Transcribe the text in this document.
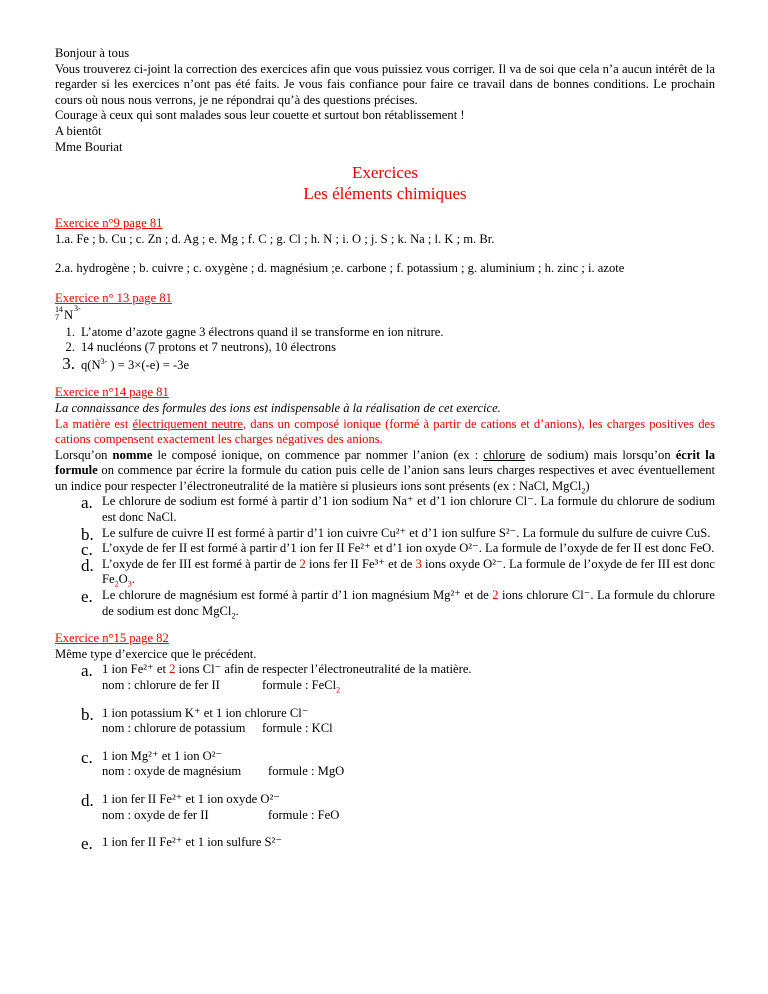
Bonjour à tous
Vous trouverez ci-joint la correction des exercices afin que vous puissiez vous corriger. Il va de soi que cela n’a aucun intérêt de la regarder si les exercices n’ont pas été faits. Je vous fais confiance pour faire ce travail dans de bonnes conditions. Le prochain cours où nous nous verrons, je ne répondrai qu’à des questions précises.
Courage à ceux qui sont malades sous leur couette et surtout bon rétablissement !
A bientôt
Mme Bouriat
Exercices
Les éléments chimiques
Exercice n°9 page 81
1.a. Fe ; b. Cu ; c. Zn ; d. Ag ; e. Mg ; f. C ; g. Cl ; h. N ; i. O ; j. S ; k. Na ; l. K ; m. Br.
2.a. hydrogène ; b. cuivre ; c. oxygène ; d. magnésium ;e. carbone ; f. potassium ; g. aluminium ; h. zinc ; i. azote
Exercice n° 13 page 81
14
7 N 3-
1. L’atome d’azote gagne 3 électrons quand il se transforme en ion nitrure.
2. 14 nucléons (7 protons et 7 neutrons), 10 électrons
3. $q(N^{3-}$ ) = 3×(-e) = -3e
Exercice n°14 page 81
La connaissance des formules des ions est indispensable à la réalisation de cet exercice.

La matière est électriquement neutre, dans un composé ionique (formé à partir de cations et d’anions), les charges positives des cations compensent exactement les charges négatives des anions.

Lorsqu’on nomme le composé ionique, on commence par nommer l’anion (ex : chlorure de sodium) mais lorsqu’on écrit la formule on commence par écrire la formule du cation puis celle de l’anion sans leurs charges respectives et avec éventuellement un indice pour respecter l’électroneutralité de la matière si plusieurs ions sont présents (ex : NaCl, MgCl$_2$)

a. Le chlorure de sodium est formé à partir d’1 ion sodium Na⁺ et d’1 ion chlorure Cl⁻. La formule du chlorure de sodium est donc NaCl.
b. Le sulfure de cuivre II est formé à partir d’1 ion cuivre Cu²⁺ et d’1 ion sulfure S²⁻. La formule du sulfure de cuivre CuS.
c. L’oxyde de fer II est formé à partir d’1 ion fer II Fe²⁺ et d’1 ion oxyde O²⁻. La formule de l’oxyde de fer II est donc FeO.
d. L’oxyde de fer III est formé à partir de 2 ions fer II Fe³⁺ et de 3 ions oxyde O²⁻. La formule de l’oxyde de fer III est donc $Fe_2O_3$.
e. Le chlorure de magnésium est formé à partir d’1 ion magnésium Mg²⁺ et de 2 ions chlorure Cl⁻. La formule du chlorure de sodium est donc MgCl$_2$.
Exercice n°15 page 82
Même type d’exercice que le précédent.
a. 1 ion Fe²⁺ et 2 ions Cl⁻ afin de respecter l’électroneutralité de la matière.
nom : chlorure de fer II	formule : FeCl$_2$
b. 1 ion potassium K⁺ et 1 ion chlorure Cl⁻
nom : chlorure de potassium formule : KCl
c. 1 ion Mg²⁺ et 1 ion O²⁻
nom : oxyde de magnésium formule : MgO
d. 1 ion fer II Fe²⁺ et 1 ion oxyde O²⁻
nom : oxyde de fer II	formule : FeO
e. 1 ion fer II Fe²⁺ et 1 ion sulfure S²⁻
